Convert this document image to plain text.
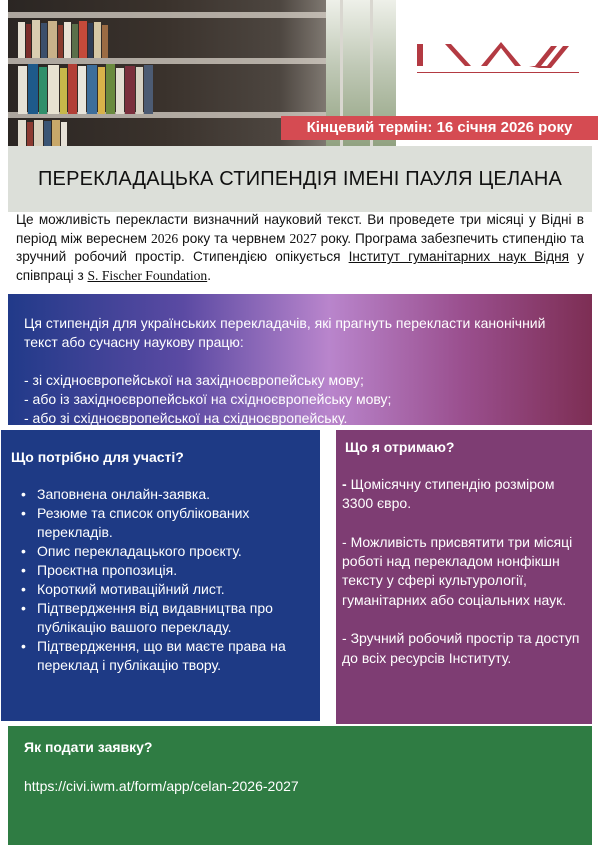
Кінцевий термін: 16 січня 2026 року
ПЕРЕКЛАДАЦЬКА СТИПЕНДІЯ ІМЕНІ ПАУЛЯ ЦЕЛАНА

Це можливість перекласти визначний науковий текст. Ви проведете три місяці у Відні в період між вереснем 2026 року та червнем 2027 року. Програма забезпечить стипендію та зручний робочий простір. Стипендією опікується Інститут гуманітарних наук Відня у співпраці з S. Fischer Foundation.

Ця стипендія для українських перекладачів, які прагнуть перекласти канонічний текст або сучасну наукову працю:

- зі східноєвропейської на західноєвропейську мову;
- або із західноєвропейської на східноєвропейську мову;
- або зі східноєвропейської на східноєвропейську.
Що потрібно для участі?
• Заповнена онлайн-заявка.
• Резюме та список опублікованих перекладів.
• Опис перекладацького проєкту.
• Проєктна пропозиція.
• Короткий мотиваційний лист.
• Підтвердження від видавництва про публікацію вашого перекладу.
• Підтвердження, що ви маєте права на переклад і публікацію твору.
Що я отримаю?

- Щомісячну стипендію розміром 3300 євро.

- Можливість присвятити три місяці роботі над перекладом нонфікшн тексту у сфері культурології, гуманітарних або соціальних наук.

- Зручний робочий простір та доступ до всіх ресурсів Інституту.

Як подати заявку?
https://civi.iwm.at/form/app/celan-2026-2027
